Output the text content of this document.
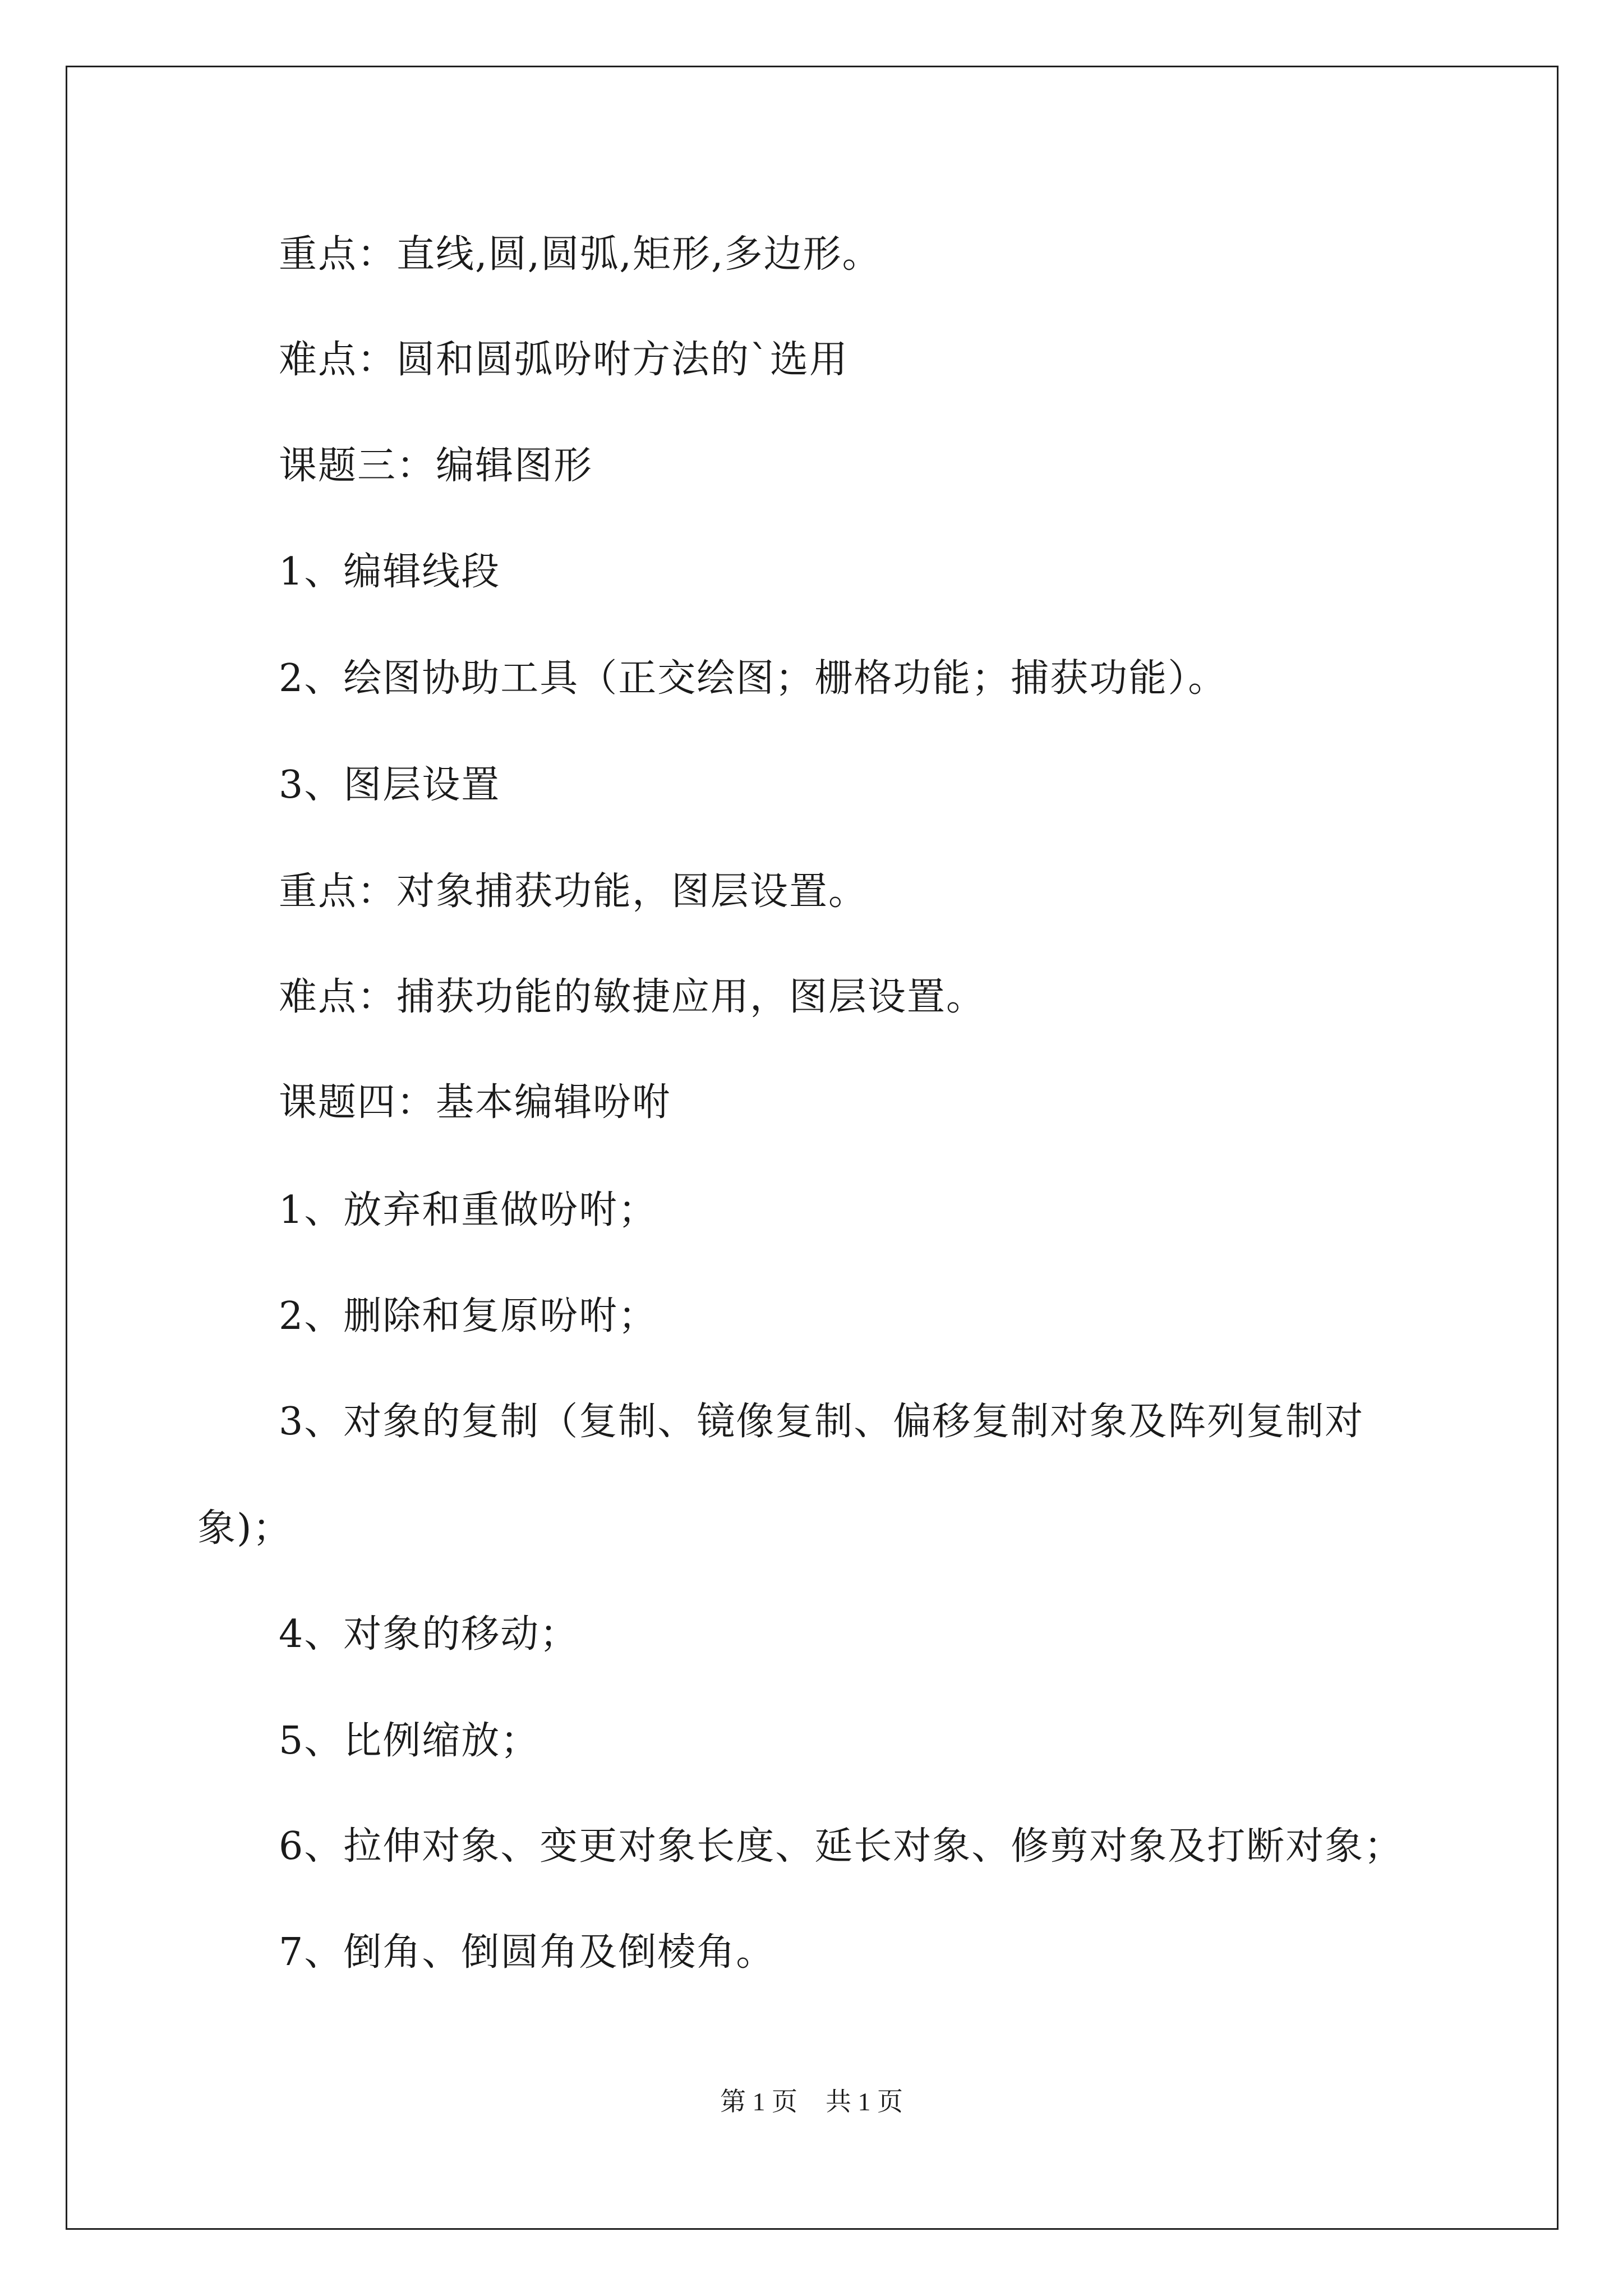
重点：直线,圆,圆弧,矩形,多边形。
难点：圆和圆弧吩咐方法的`选用
课题三：编辑图形
1、编辑线段
2、绘图协助工具（正交绘图；栅格功能；捕获功能）。
3、图层设置
重点：对象捕获功能，图层设置。
难点：捕获功能的敏捷应用，图层设置。
课题四：基本编辑吩咐
1、放弃和重做吩咐；
2、删除和复原吩咐；
3、对象的复制（复制、镜像复制、偏移复制对象及阵列复制对
象)；
4、对象的移动；
5、比例缩放；
6、拉伸对象、变更对象长度、延长对象、修剪对象及打断对象；
7、倒角、倒圆角及倒棱角。
第 1 页 共 1 页
